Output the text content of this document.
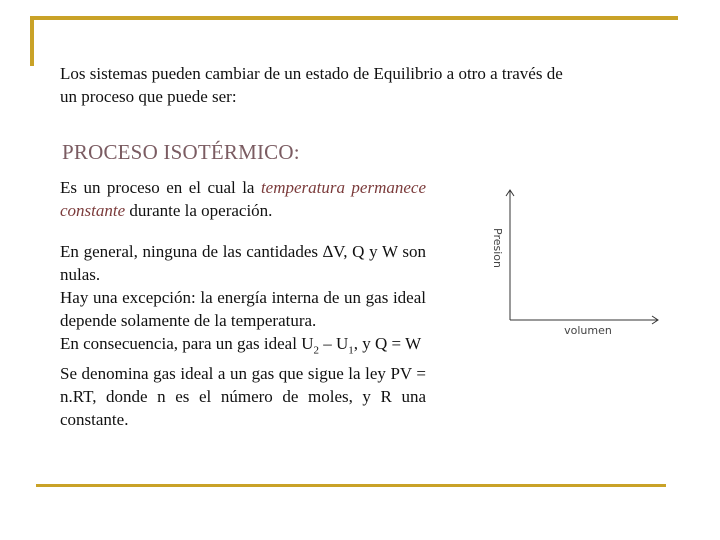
Los sistemas pueden cambiar de un estado de Equilibrio a otro a través de
un proceso que puede ser:

PROCESO ISOTÉRMICO:

Es un proceso en el cual la temperatura permanece constante durante la operación.

En general, ninguna de las cantidades ∆V, Q y W son nulas.
Hay una excepción: la energía interna de un gas ideal depende solamente de la temperatura.
En consecuencia, para un gas ideal $U_2 - U_1$, y Q = W
Se denomina gas ideal a un gas que sigue la ley PV = n.RT, donde n es el número de moles, y R una constante.

Presion
volumen
